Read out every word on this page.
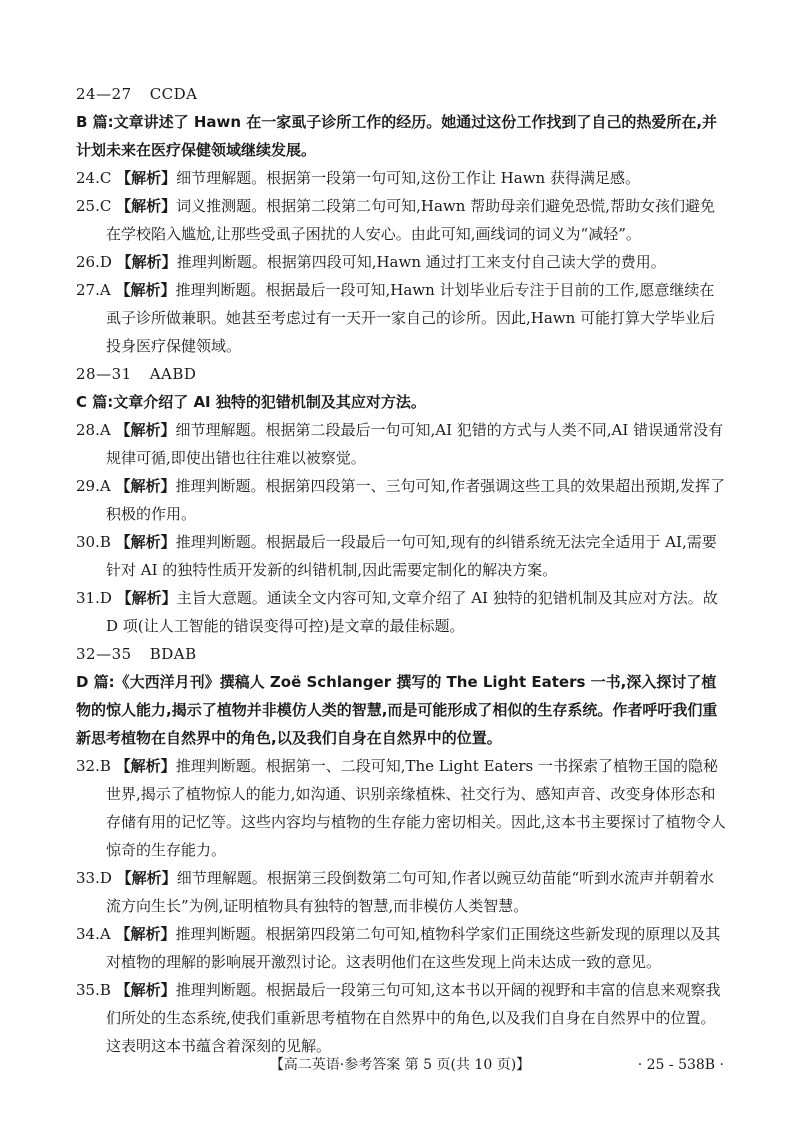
24—27 CCDA
B 篇:文章讲述了 Hawn 在一家虱子诊所工作的经历。她通过这份工作找到了自己的热爱所在,并计划未来在医疗保健领域继续发展。
24.C 【解析】细节理解题。根据第一段第一句可知,这份工作让 Hawn 获得满足感。
25.C 【解析】词义推测题。根据第二段第二句可知,Hawn 帮助母亲们避免恐慌,帮助女孩们避免在学校陷入尴尬,让那些受虱子困扰的人安心。由此可知,画线词的词义为“减轻”。
26.D 【解析】推理判断题。根据第四段可知,Hawn 通过打工来支付自己读大学的费用。
27.A 【解析】推理判断题。根据最后一段可知,Hawn 计划毕业后专注于目前的工作,愿意继续在虱子诊所做兼职。她甚至考虑过有一天开一家自己的诊所。因此,Hawn 可能打算大学毕业后投身医疗保健领域。
28—31 AABD
C 篇:文章介绍了 AI 独特的犯错机制及其应对方法。
28.A 【解析】细节理解题。根据第二段最后一句可知,AI 犯错的方式与人类不同,AI 错误通常没有规律可循,即使出错也往往难以被察觉。
29.A 【解析】推理判断题。根据第四段第一、三句可知,作者强调这些工具的效果超出预期,发挥了积极的作用。
30.B 【解析】推理判断题。根据最后一段最后一句可知,现有的纠错系统无法完全适用于 AI,需要针对 AI 的独特性质开发新的纠错机制,因此需要定制化的解决方案。
31.D 【解析】主旨大意题。通读全文内容可知,文章介绍了 AI 独特的犯错机制及其应对方法。故 D 项(让人工智能的错误变得可控)是文章的最佳标题。
32—35 BDAB
D 篇:《大西洋月刊》撰稿人 Zoë Schlanger 撰写的 The Light Eaters 一书,深入探讨了植物的惊人能力,揭示了植物并非模仿人类的智慧,而是可能形成了相似的生存系统。作者呼吁我们重新思考植物在自然界中的角色,以及我们自身在自然界中的位置。
32.B 【解析】推理判断题。根据第一、二段可知,The Light Eaters 一书探索了植物王国的隐秘世界,揭示了植物惊人的能力,如沟通、识别亲缘植株、社交行为、感知声音、改变身体形态和存储有用的记忆等。这些内容均与植物的生存能力密切相关。因此,这本书主要探讨了植物令人惊奇的生存能力。
33.D 【解析】细节理解题。根据第三段倒数第二句可知,作者以豌豆幼苗能“听到水流声并朝着水流方向生长”为例,证明植物具有独特的智慧,而非模仿人类智慧。
34.A 【解析】推理判断题。根据第四段第二句可知,植物科学家们正围绕这些新发现的原理以及其对植物的理解的影响展开激烈讨论。这表明他们在这些发现上尚未达成一致的意见。
35.B 【解析】推理判断题。根据最后一段第三句可知,这本书以开阔的视野和丰富的信息来观察我们所处的生态系统,使我们重新思考植物在自然界中的角色,以及我们自身在自然界中的位置。这表明这本书蕴含着深刻的见解。
【高二英语·参考答案 第 5 页(共 10 页)】	· 25 - 538B ·
